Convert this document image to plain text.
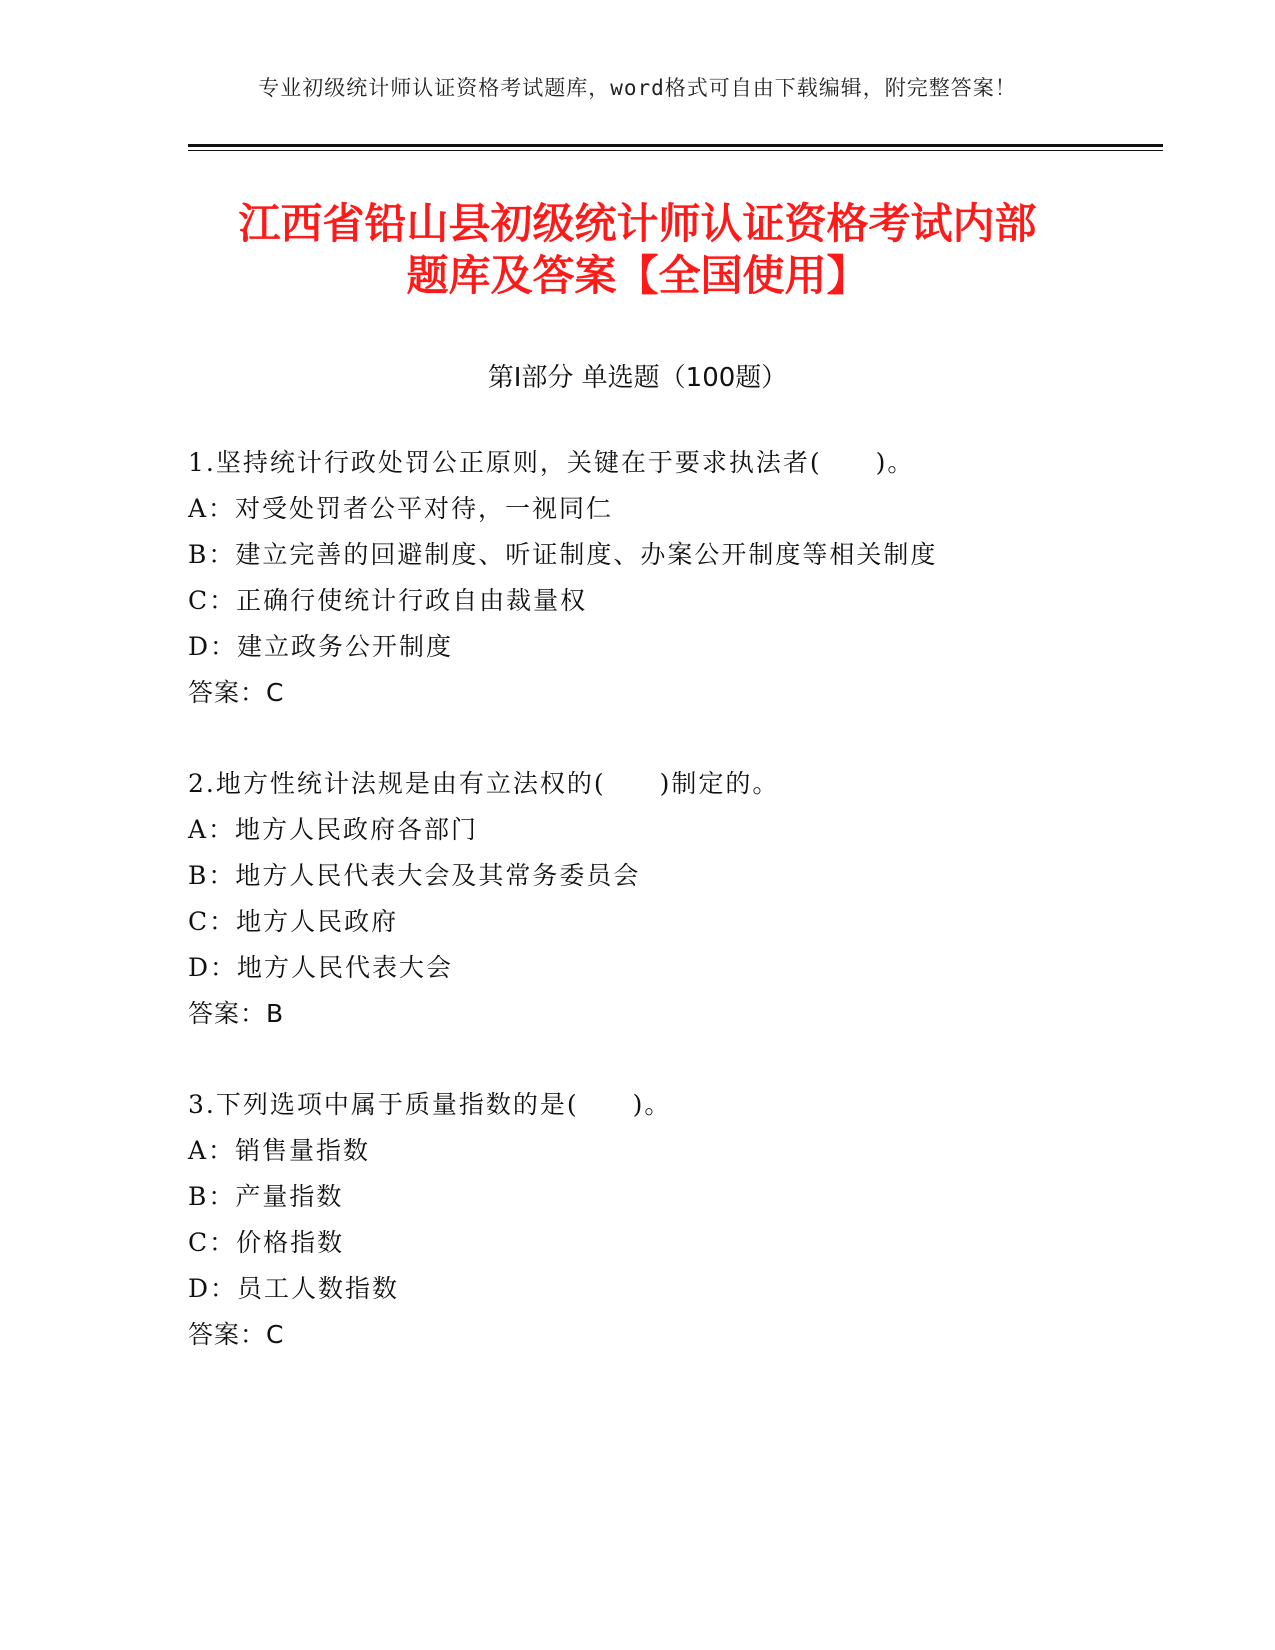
专业初级统计师认证资格考试题库，word格式可自由下载编辑，附完整答案！
江西省铅山县初级统计师认证资格考试内部
题库及答案【全国使用】
第Ⅰ部分 单选题（100题）
1.坚持统计行政处罚公正原则，关键在于要求执法者(　　)。
A：对受处罚者公平对待，一视同仁
B：建立完善的回避制度、听证制度、办案公开制度等相关制度
C：正确行使统计行政自由裁量权
D：建立政务公开制度
答案：C
2.地方性统计法规是由有立法权的(　　)制定的。
A：地方人民政府各部门
B：地方人民代表大会及其常务委员会
C：地方人民政府
D：地方人民代表大会
答案：B
3.下列选项中属于质量指数的是(　　)。
A：销售量指数
B：产量指数
C：价格指数
D：员工人数指数
答案：C
